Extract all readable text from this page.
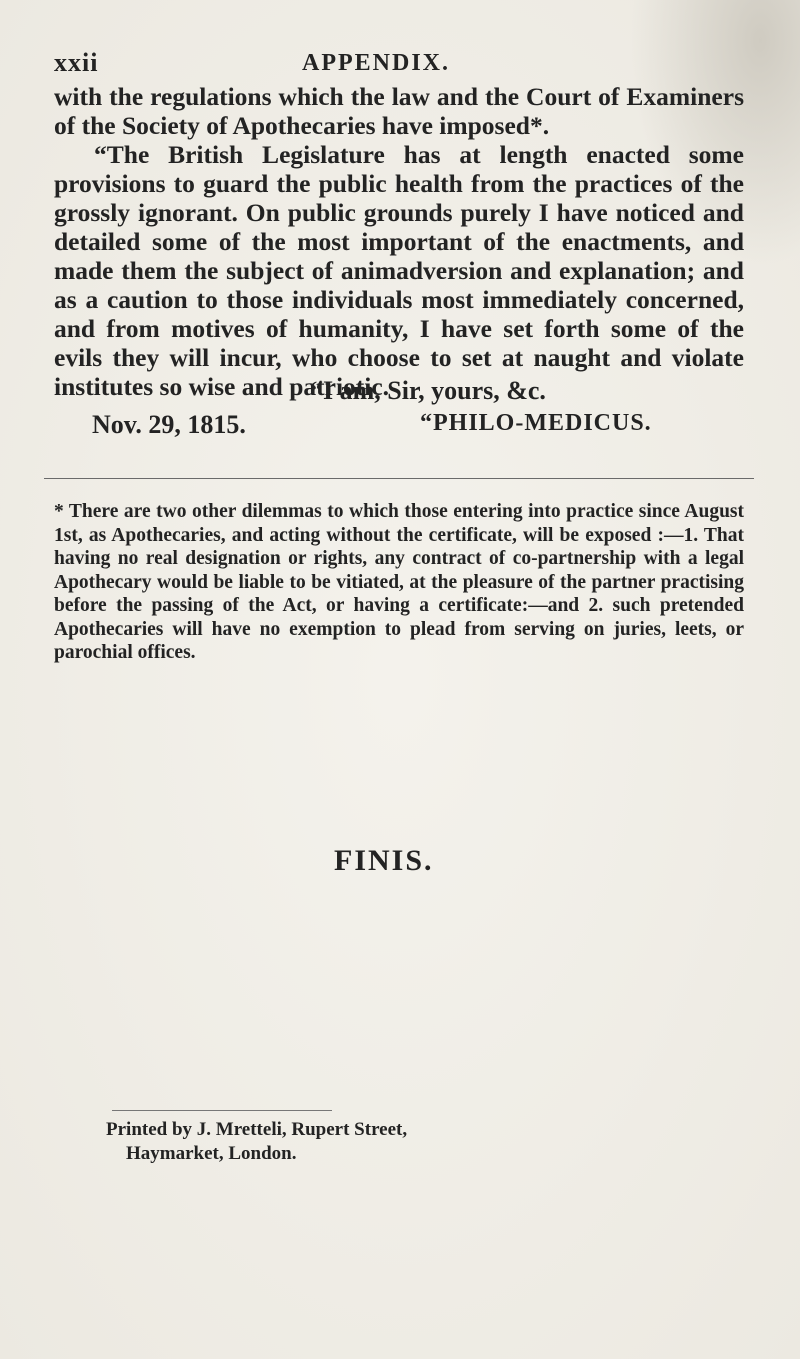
xxii	APPENDIX.

with the regulations which the law and the Court of Examiners of the Society of Apothecaries have imposed*.

“The British Legislature has at length enacted some provisions to guard the public health from the practices of the grossly ignorant. On public grounds purely I have noticed and detailed some of the most important of the enactments, and made them the subject of animadversion and explanation; and as a caution to those individuals most immediately concerned, and from motives of humanity, I have set forth some of the evils they will incur, who choose to set at naught and violate institutes so wise and patriotic.

“I am, Sir, yours, &c.
Nov. 29, 1815.	“PHILO-MEDICUS.

* There are two other dilemmas to which those entering into practice since August 1st, as Apothecaries, and acting without the certificate, will be exposed :—1. That having no real designation or rights, any contract of co-partnership with a legal Apothecary would be liable to be vitiated, at the pleasure of the partner practising before the passing of the Act, or having a certificate:—and 2. such pretended Apothecaries will have no exemption to plead from serving on juries, leets, or parochial offices.

FINIS.
Printed by J. Mretteli, Rupert Street,
Haymarket, London.
